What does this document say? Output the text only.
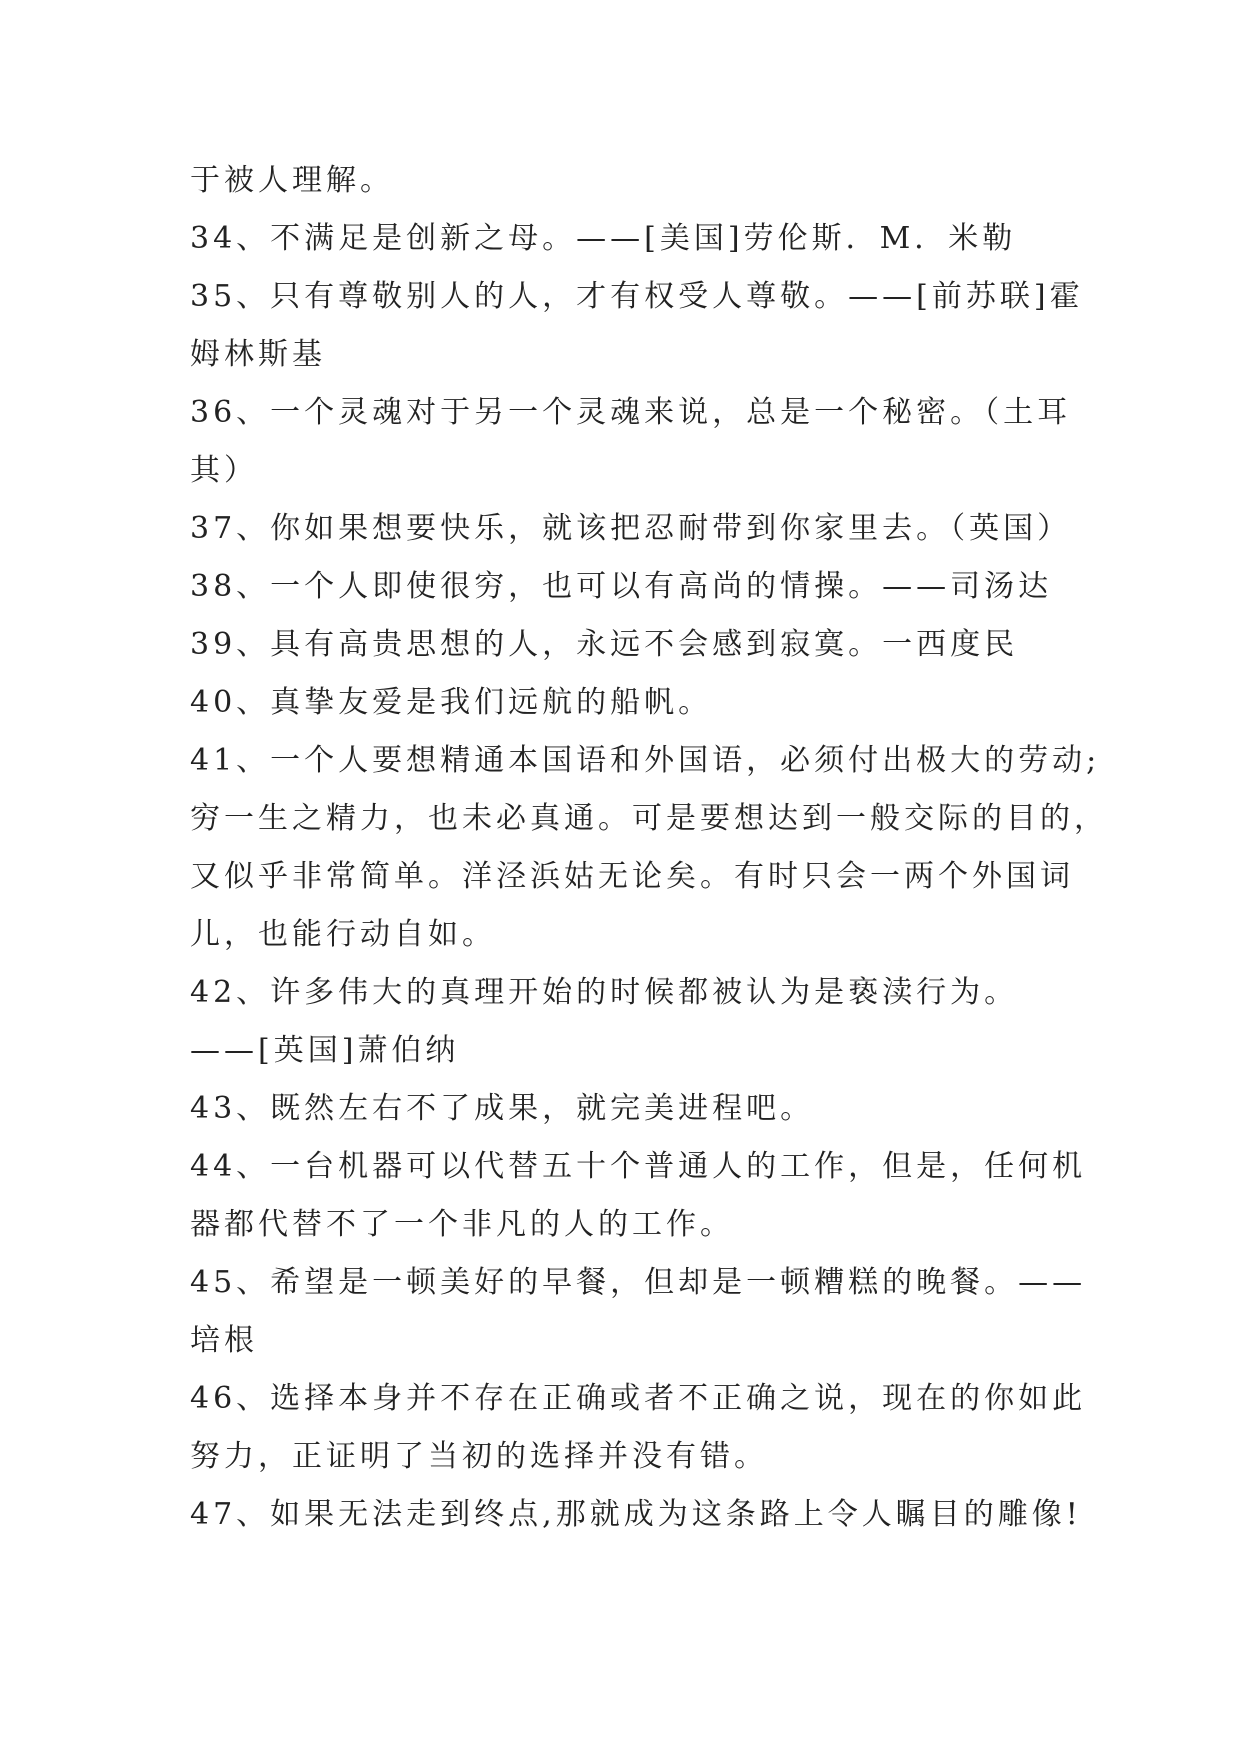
于被人理解。
34、不满足是创新之母。——[美国]劳伦斯．M．米勒
35、只有尊敬别人的人，才有权受人尊敬。——[前苏联]霍
姆林斯基
36、一个灵魂对于另一个灵魂来说，总是一个秘密。（土耳
其）
37、你如果想要快乐，就该把忍耐带到你家里去。（英国）
38、一个人即使很穷，也可以有高尚的情操。——司汤达
39、具有高贵思想的人，永远不会感到寂寞。一西度民
40、真挚友爱是我们远航的船帆。
41、一个人要想精通本国语和外国语，必须付出极大的劳动;
穷一生之精力，也未必真通。可是要想达到一般交际的目的，
又似乎非常简单。洋泾浜姑无论矣。有时只会一两个外国词
儿，也能行动自如。
42、许多伟大的真理开始的时候都被认为是亵渎行为。
——[英国]萧伯纳
43、既然左右不了成果，就完美进程吧。
44、一台机器可以代替五十个普通人的工作，但是，任何机
器都代替不了一个非凡的人的工作。
45、希望是一顿美好的早餐，但却是一顿糟糕的晚餐。——
培根
46、选择本身并不存在正确或者不正确之说，现在的你如此
努力，正证明了当初的选择并没有错。
47、如果无法走到终点,那就成为这条路上令人瞩目的雕像!
